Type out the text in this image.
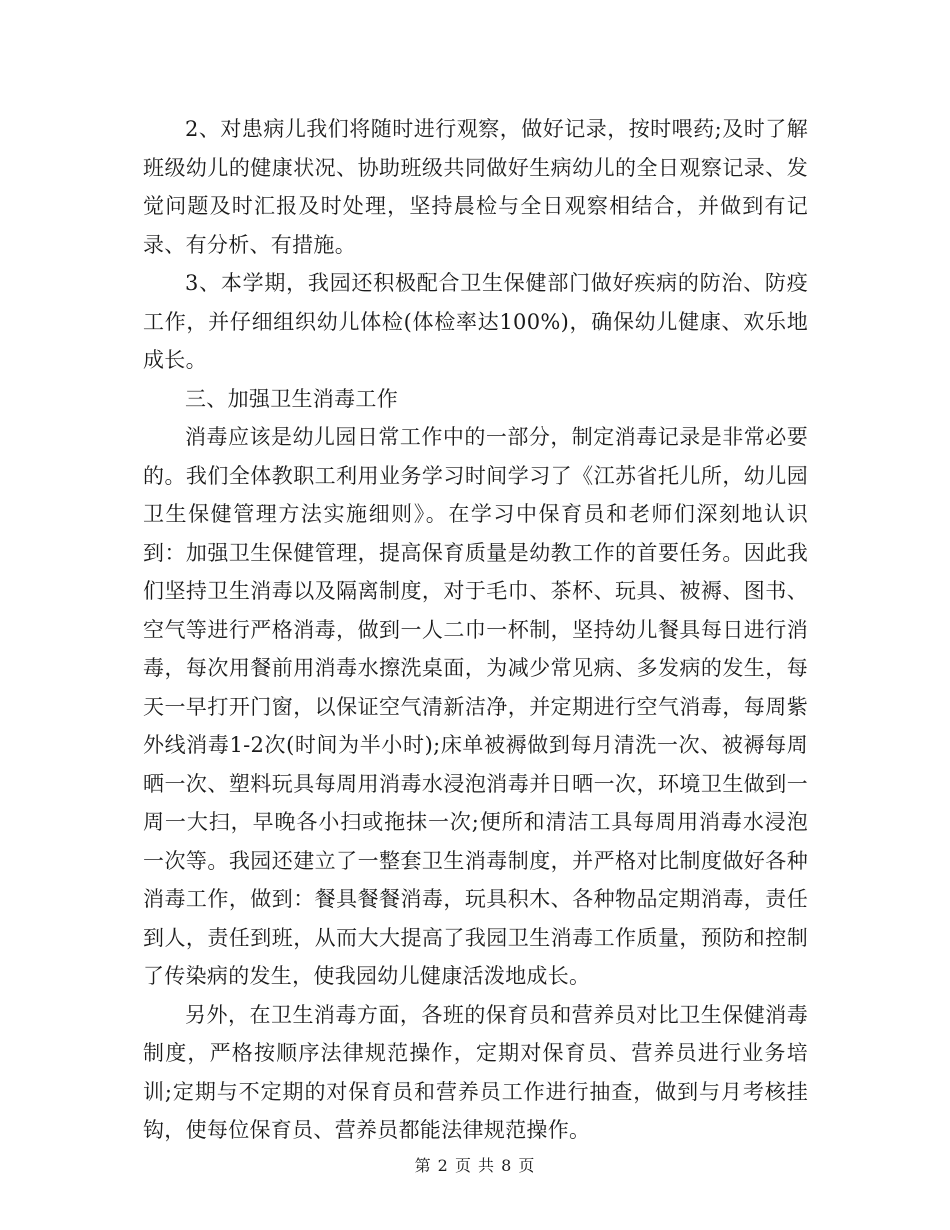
2、对患病儿我们将随时进行观察，做好记录，按时喂药;及时了解班级幼儿的健康状况、协助班级共同做好生病幼儿的全日观察记录、发觉问题及时汇报及时处理，坚持晨检与全日观察相结合，并做到有记录、有分析、有措施。

3、本学期，我园还积极配合卫生保健部门做好疾病的防治、防疫工作，并仔细组织幼儿体检(体检率达100%)，确保幼儿健康、欢乐地成长。

三、加强卫生消毒工作

消毒应该是幼儿园日常工作中的一部分，制定消毒记录是非常必要的。我们全体教职工利用业务学习时间学习了《江苏省托儿所，幼儿园卫生保健管理方法实施细则》。在学习中保育员和老师们深刻地认识到：加强卫生保健管理，提高保育质量是幼教工作的首要任务。因此我们坚持卫生消毒以及隔离制度，对于毛巾、茶杯、玩具、被褥、图书、空气等进行严格消毒，做到一人二巾一杯制，坚持幼儿餐具每日进行消毒，每次用餐前用消毒水擦洗桌面，为减少常见病、多发病的发生，每天一早打开门窗，以保证空气清新洁净，并定期进行空气消毒，每周紫外线消毒1-2次(时间为半小时);床单被褥做到每月清洗一次、被褥每周晒一次、塑料玩具每周用消毒水浸泡消毒并日晒一次，环境卫生做到一周一大扫，早晚各小扫或拖抹一次;便所和清洁工具每周用消毒水浸泡一次等。我园还建立了一整套卫生消毒制度，并严格对比制度做好各种消毒工作，做到：餐具餐餐消毒，玩具积木、各种物品定期消毒，责任到人，责任到班，从而大大提高了我园卫生消毒工作质量，预防和控制了传染病的发生，使我园幼儿健康活泼地成长。

另外，在卫生消毒方面，各班的保育员和营养员对比卫生保健消毒制度，严格按顺序法律规范操作，定期对保育员、营养员进行业务培训;定期与不定期的对保育员和营养员工作进行抽查，做到与月考核挂钩，使每位保育员、营养员都能法律规范操作。

第 2 页 共 8 页
